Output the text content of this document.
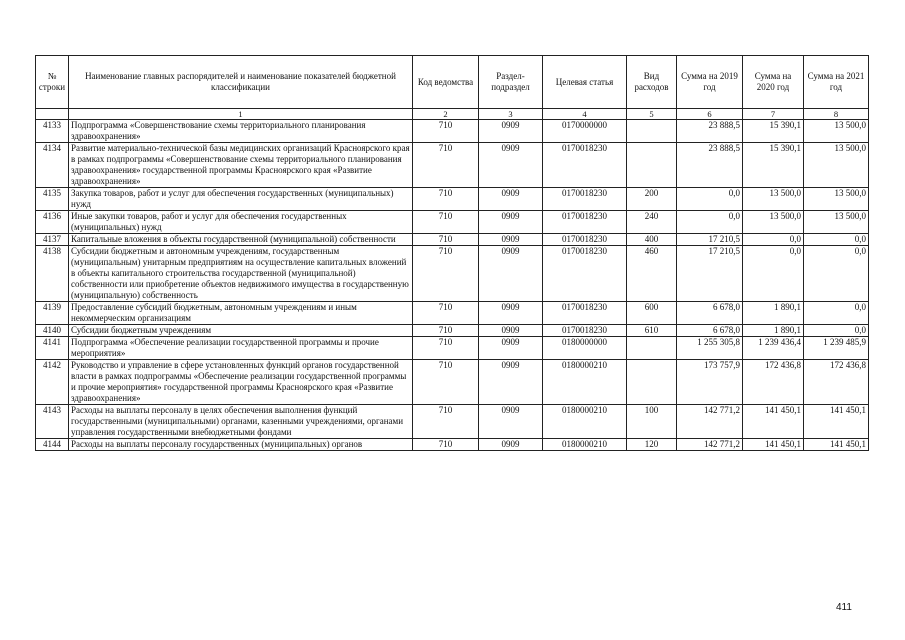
№ строки	Наименование главных распорядителей и наименование показателей бюджетной классификации	Код ведомства	Раздел-подраздел	Целевая статья	Вид расходов	Сумма на 2019 год	Сумма на 2020 год	Сумма на 2021 год
	1	2	3	4	5	6	7	8
4133	Подпрограмма «Совершенствование схемы территориального планирования здравоохранения»	710	0909	0170000000		23 888,5	15 390,1	13 500,0
4134	Развитие материально-технической базы медицинских организаций Красноярского края в рамках подпрограммы «Совершенствование схемы территориального планирования здравоохранения» государственной программы Красноярского края «Развитие здравоохранения»	710	0909	0170018230		23 888,5	15 390,1	13 500,0
4135	Закупка товаров, работ и услуг для обеспечения государственных (муниципальных) нужд	710	0909	0170018230	200	0,0	13 500,0	13 500,0
4136	Иные закупки товаров, работ и услуг для обеспечения государственных (муниципальных) нужд	710	0909	0170018230	240	0,0	13 500,0	13 500,0
4137	Капитальные вложения в объекты государственной (муниципальной) собственности	710	0909	0170018230	400	17 210,5	0,0	0,0
4138	Субсидии бюджетным и автономным учреждениям, государственным (муниципальным) унитарным предприятиям на осуществление капитальных вложений в объекты капитального строительства государственной (муниципальной) собственности или приобретение объектов недвижимого имущества в государственную (муниципальную) собственность	710	0909	0170018230	460	17 210,5	0,0	0,0
4139	Предоставление субсидий бюджетным, автономным учреждениям и иным некоммерческим организациям	710	0909	0170018230	600	6 678,0	1 890,1	0,0
4140	Субсидии бюджетным учреждениям	710	0909	0170018230	610	6 678,0	1 890,1	0,0
4141	Подпрограмма «Обеспечение реализации государственной программы и прочие мероприятия»	710	0909	0180000000		1 255 305,8	1 239 436,4	1 239 485,9
4142	Руководство и управление в сфере установленных функций органов государственной власти в рамках подпрограммы «Обеспечение реализации государственной программы и прочие мероприятия» государственной программы Красноярского края «Развитие здравоохранения»	710	0909	0180000210		173 757,9	172 436,8	172 436,8
4143	Расходы на выплаты персоналу в целях обеспечения выполнения функций государственными (муниципальными) органами, казенными учреждениями, органами управления государственными внебюджетными фондами	710	0909	0180000210	100	142 771,2	141 450,1	141 450,1
4144	Расходы на выплаты персоналу государственных (муниципальных) органов	710	0909	0180000210	120	142 771,2	141 450,1	141 450,1
411
